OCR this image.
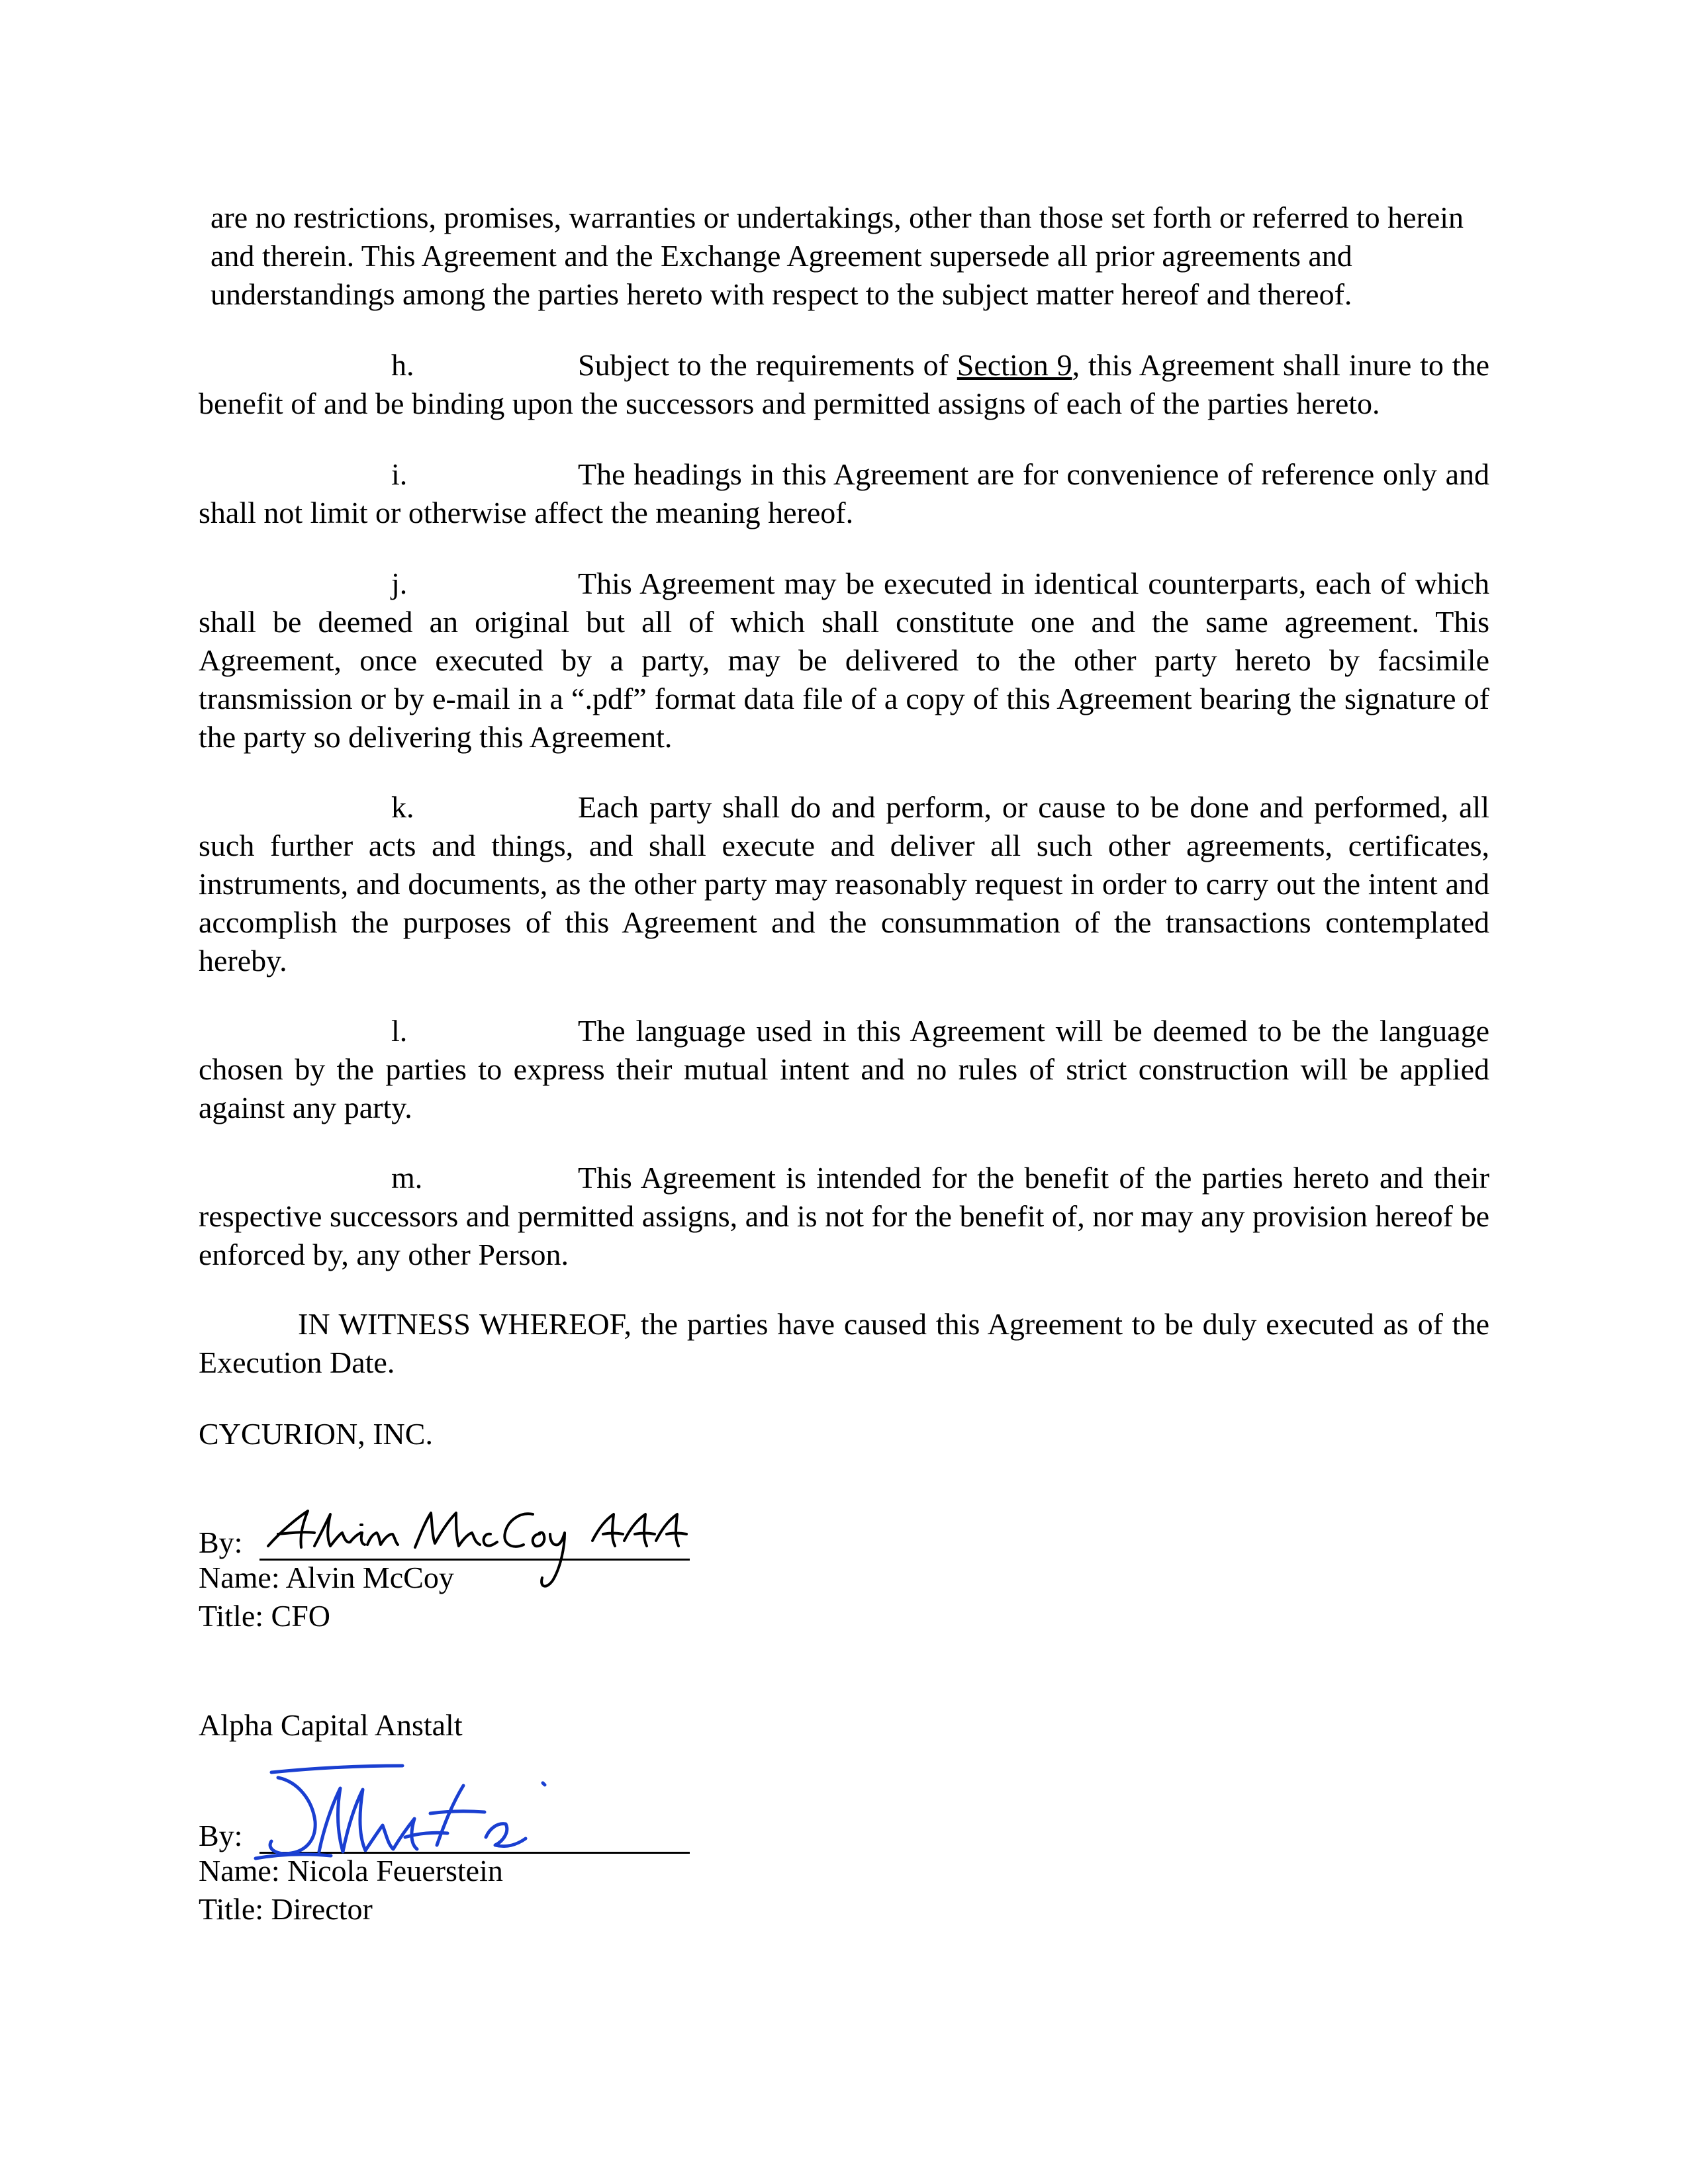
are no restrictions, promises, warranties or undertakings, other than those set forth or referred to herein and therein. This Agreement and the Exchange Agreement supersede all prior agreements and understandings among the parties hereto with respect to the subject matter hereof and thereof.

h.	Subject to the requirements of Section 9, this Agreement shall inure to the benefit of and be binding upon the successors and permitted assigns of each of the parties hereto.

i.	The headings in this Agreement are for convenience of reference only and shall not limit or otherwise affect the meaning hereof.

j.	This Agreement may be executed in identical counterparts, each of which shall be deemed an original but all of which shall constitute one and the same agreement. This Agreement, once executed by a party, may be delivered to the other party hereto by facsimile transmission or by e-mail in a “.pdf” format data file of a copy of this Agreement bearing the signature of the party so delivering this Agreement.

k.	Each party shall do and perform, or cause to be done and performed, all such further acts and things, and shall execute and deliver all such other agreements, certificates, instruments, and documents, as the other party may reasonably request in order to carry out the intent and accomplish the purposes of this Agreement and the consummation of the transactions contemplated hereby.

l.	The language used in this Agreement will be deemed to be the language chosen by the parties to express their mutual intent and no rules of strict construction will be applied against any party.

m.	This Agreement is intended for the benefit of the parties hereto and their respective successors and permitted assigns, and is not for the benefit of, nor may any provision hereof be enforced by, any other Person.

IN WITNESS WHEREOF, the parties have caused this Agreement to be duly executed as of the Execution Date.

CYCURION, INC.

By:

Alvin McCoy III

Name: Alvin McCoy

Title: CFO

Alpha Capital Anstalt

By:

Name: Nicola Feuerstein

Title: Director
